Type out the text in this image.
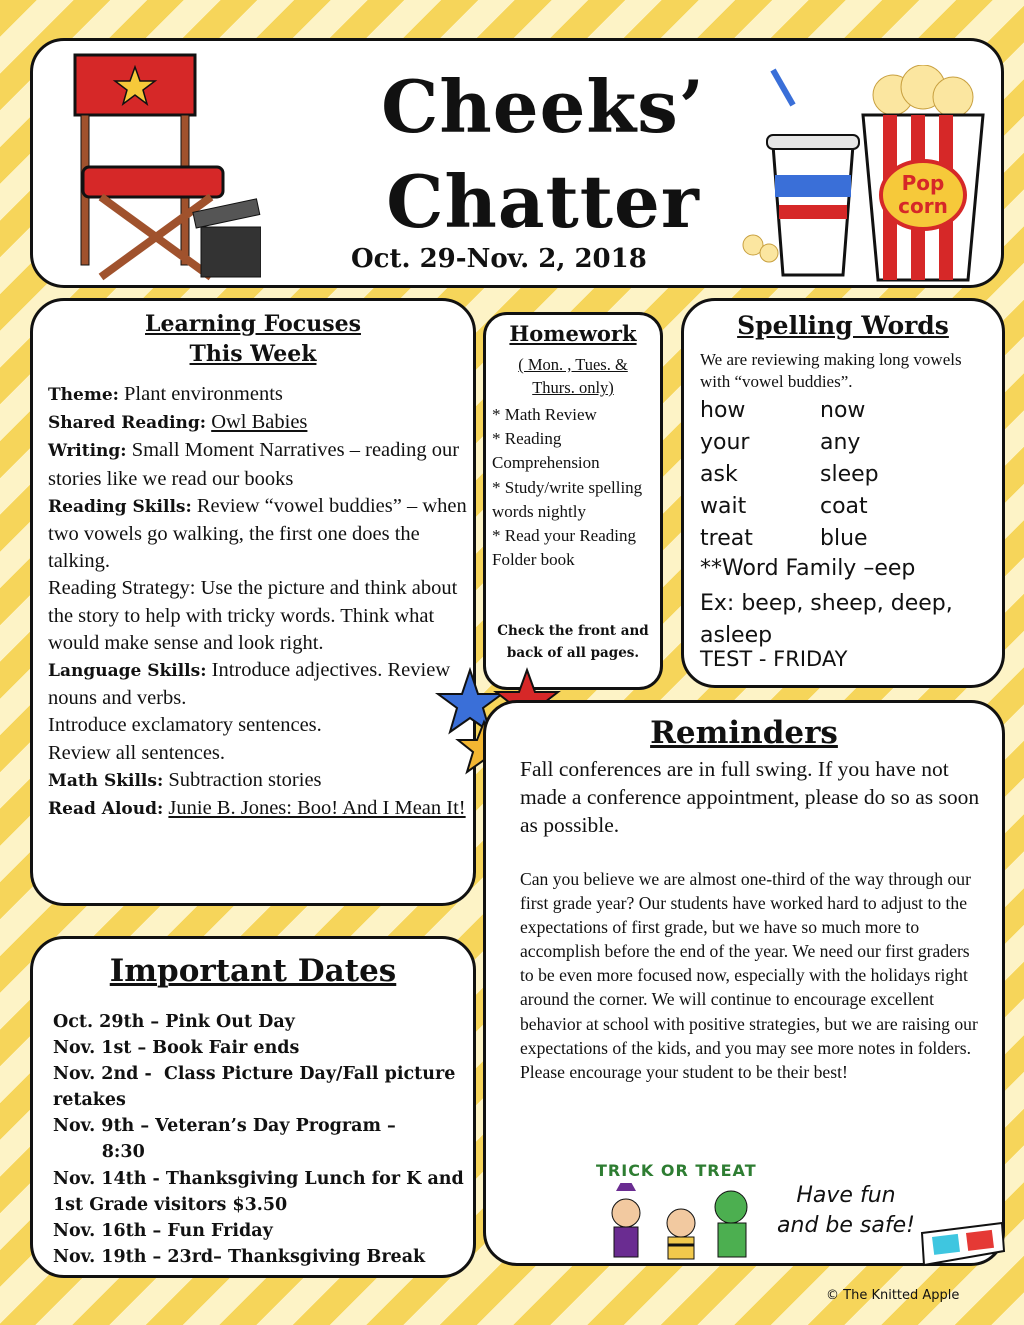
Cheeks’
Chatter
Oct. 29-Nov. 2, 2018
Pop
corn
Learning Focuses
This Week
Theme: Plant environments
Shared Reading: Owl Babies
Writing: Small Moment Narratives – reading our stories like we read our books
Reading Skills: Review “vowel buddies” – when two vowels go walking, the first one does the talking.
Reading Strategy: Use the picture and think about the story to help with tricky words. Think what would make sense and look right.
Language Skills: Introduce adjectives. Review nouns and verbs.
Introduce exclamatory sentences.
Review all sentences.
Math Skills: Subtraction stories
Read Aloud: Junie B. Jones: Boo! And I Mean It!
Homework
( Mon. , Tues. & Thurs. only)
* Math Review
* Reading Comprehension
* Study/write spelling words nightly
* Read your Reading Folder book
Check the front and back of all pages.
Spelling Words
We are reviewing making long vowels with “vowel buddies”.
how	now
your	any
ask	sleep
wait	coat
treat	blue
**Word Family –eep
Ex: beep, sheep, deep, asleep
TEST - FRIDAY
Reminders
Fall conferences are in full swing. If you have not made a conference appointment, please do so as soon as possible.
Can you believe we are almost one-third of the way through our first grade year? Our students have worked hard to adjust to the expectations of first grade, but we have so much more to accomplish before the end of the year. We need our first graders to be even more focused now, especially with the holidays right around the corner. We will continue to encourage excellent behavior at school with positive strategies, but we are raising our expectations of the kids, and you may see more notes in folders. Please encourage your student to be their best!
TRICK OR TREAT
Have fun and be safe!
Important Dates
Oct. 29th – Pink Out Day
Nov. 1st – Book Fair ends
Nov. 2nd -  Class Picture Day/Fall picture retakes
Nov. 9th – Veteran’s Day Program –
8:30
Nov. 14th - Thanksgiving Lunch for K and 1st Grade visitors $3.50
Nov. 16th – Fun Friday
Nov. 19th – 23rd– Thanksgiving Break
© The Knitted Apple
